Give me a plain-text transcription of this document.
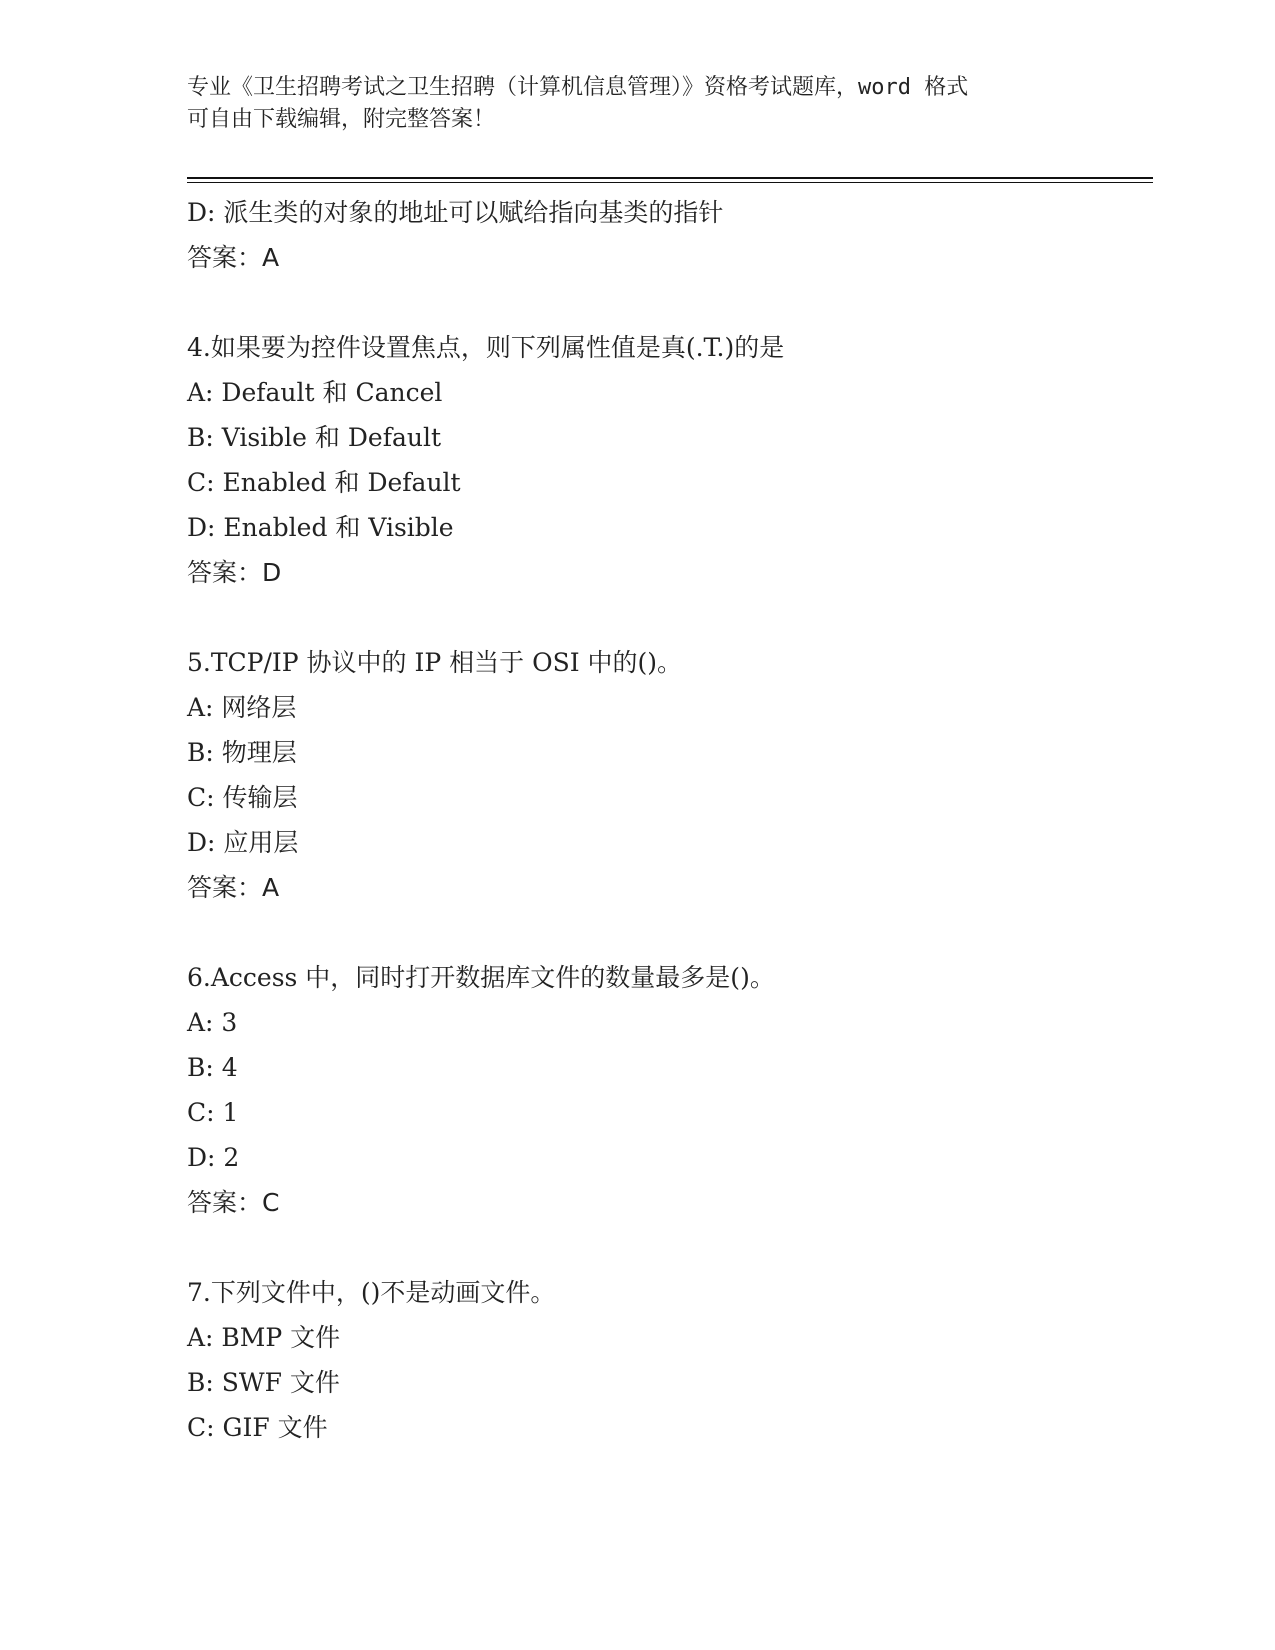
专业《卫生招聘考试之卫生招聘（计算机信息管理）》资格考试题库，word 格式
可自由下载编辑，附完整答案！
D: 派生类的对象的地址可以赋给指向基类的指针
答案：A
4.如果要为控件设置焦点，则下列属性值是真(.T.)的是
A: Default 和 Cancel
B: Visible 和 Default
C: Enabled 和 Default
D: Enabled 和 Visible
答案：D
5.TCP/IP 协议中的 IP 相当于 OSI 中的()。
A: 网络层
B: 物理层
C: 传输层
D: 应用层
答案：A
6.Access 中，同时打开数据库文件的数量最多是()。
A: 3
B: 4
C: 1
D: 2
答案：C
7.下列文件中，()不是动画文件。
A: BMP 文件
B: SWF 文件
C: GIF 文件
